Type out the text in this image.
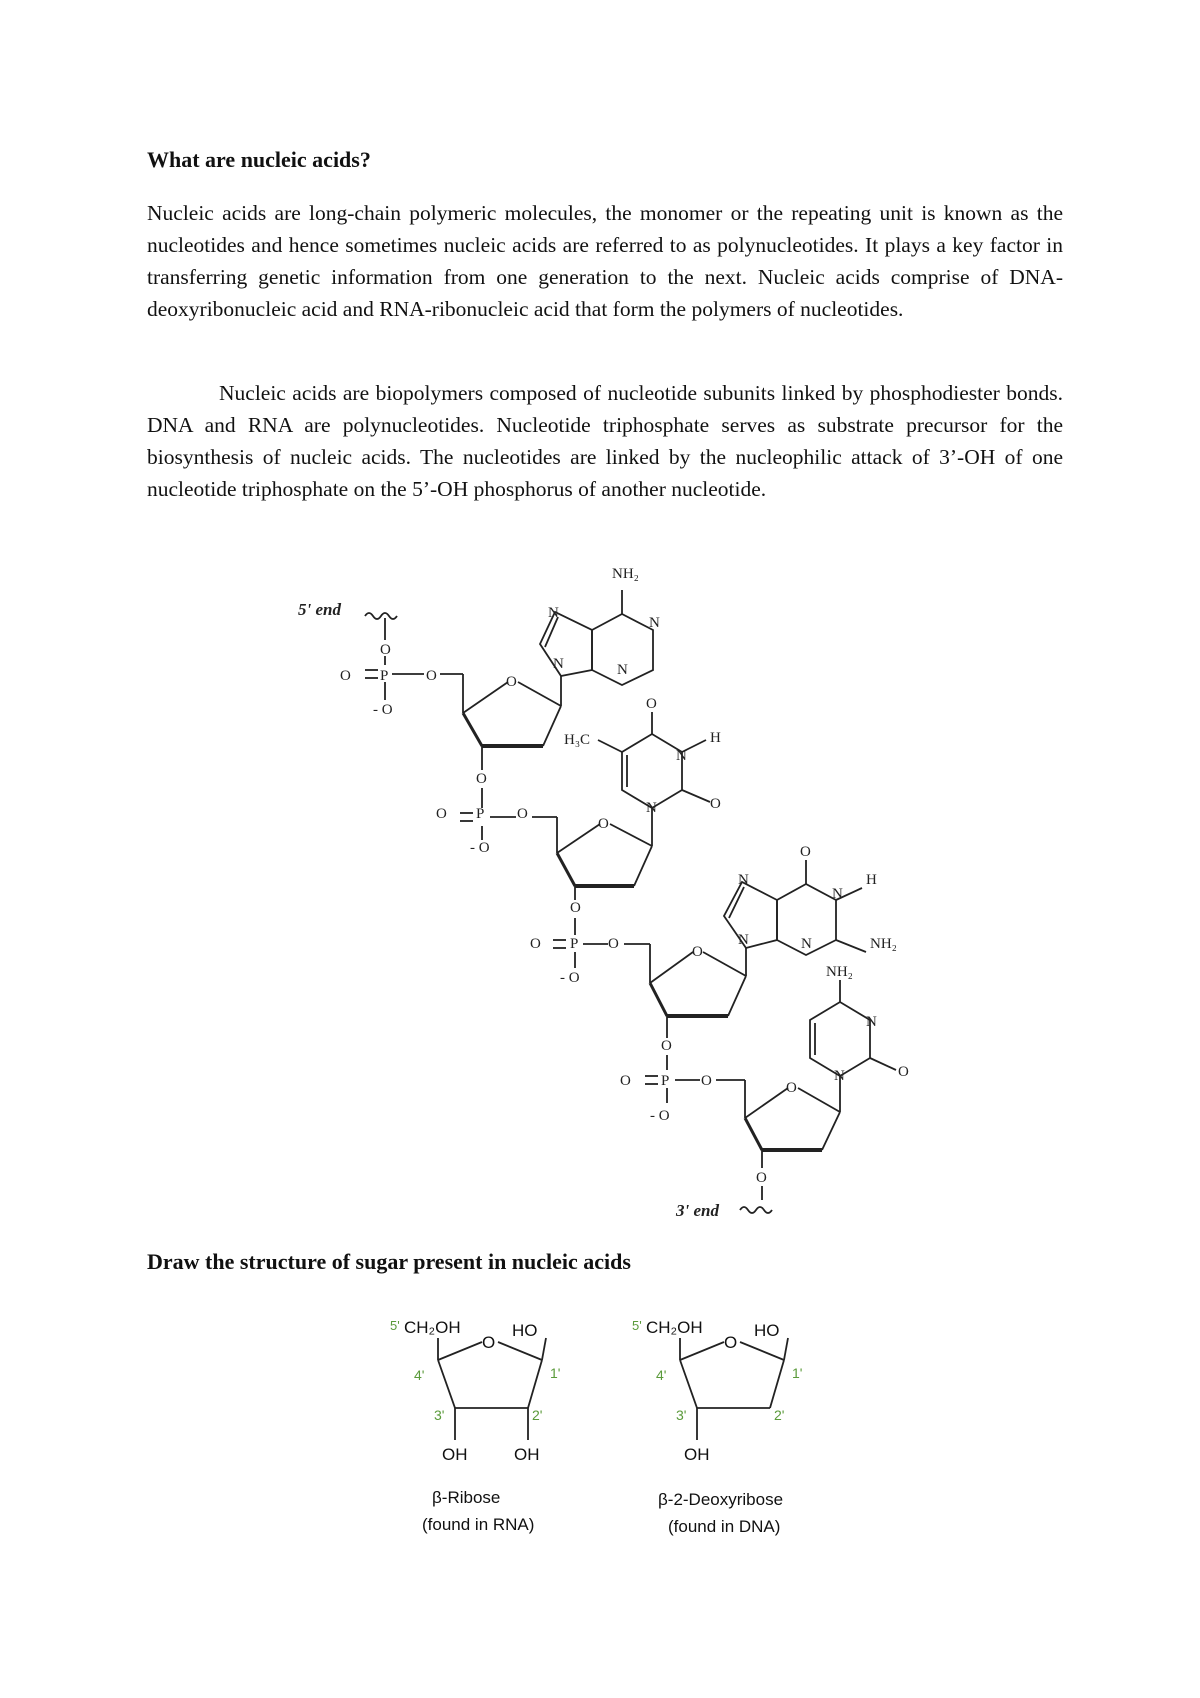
What are nucleic acids?

Nucleic acids are long-chain polymeric molecules, the monomer or the repeating unit is known as the nucleotides and hence sometimes nucleic acids are referred to as polynucleotides. It plays a key factor in transferring genetic information from one generation to the next. Nucleic acids comprise of DNA-deoxyribonucleic acid and RNA-ribonucleic acid that form the polymers of nucleotides.

Nucleic acids are biopolymers composed of nucleotide subunits linked by phosphodiester bonds. DNA and RNA are polynucleotides. Nucleotide triphosphate serves as substrate precursor for the biosynthesis of nucleic acids. The nucleotides are linked by the nucleophilic attack of 3’-OH of one nucleotide triphosphate on the 5’-OH phosphorus of another nucleotide.

5' end
O
O P	O
- O
O
N
N
N
N
NH₂
O
O P O
- O
O
N
O
N
H
O
H₃C
O
O P O
- O
O
N
N
N
N
O
H
NH₂
O
O P O
- O
O
N
N
O
NH₂
O
3' end
Draw the structure of sugar present in nucleic acids
5' CH₂OH	HO
O
4'	1'
3'	2'
OH	OH
β-Ribose
(found in RNA)
5' CH₂OH	HO
O
4'	1'
3'	2'
OH
β-2-Deoxyribose
(found in DNA)
